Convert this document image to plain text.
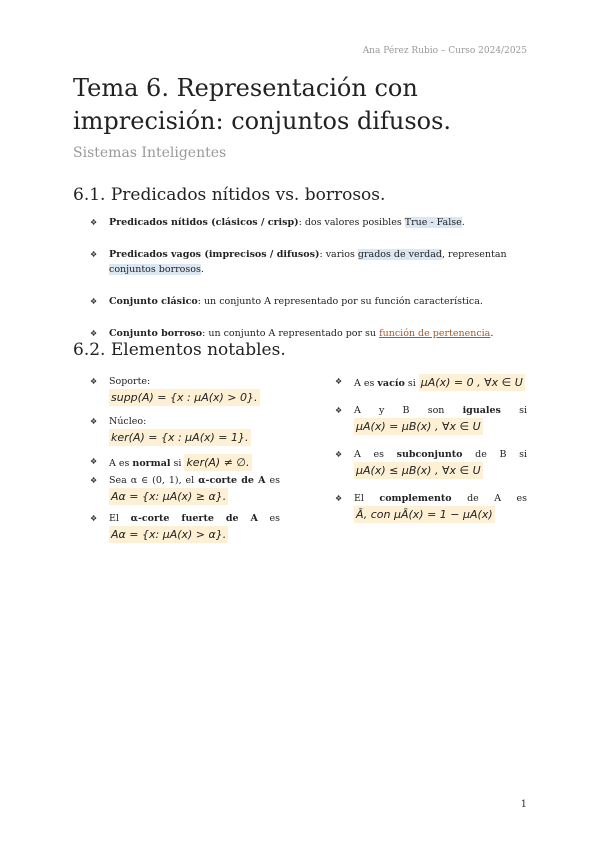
Ana Pérez Rubio – Curso 2024/2025
Tema 6. Representación con imprecisión: conjuntos difusos.
Sistemas Inteligentes
6.1. Predicados nítidos vs. borrosos.
❖ Predicados nítidos (clásicos / crisp): dos valores posibles True - False.
❖ Predicados vagos (imprecisos / difusos): varios grados de verdad, representan conjuntos borrosos.
❖ Conjunto clásico: un conjunto A representado por su función característica.
❖ Conjunto borroso: un conjunto A representado por su función de pertenencia.
6.2. Elementos notables.
❖ Soporte:
supp(A) = {x : μA(x) > 0}.
❖ Núcleo:
ker(A) = {x : μA(x) = 1}.
❖ A es normal si ker(A) ≠ ∅.
❖ Sea α ∈ (0, 1), el α-corte de A es
Aα = {x: μA(x) ≥ α}.
❖ El α-corte fuerte de A es
Aα = {x: μA(x) > α}.
❖ A es vacío si μA(x) = 0 , ∀x ∈ U
❖ A y B son iguales si
μA(x) = μB(x) , ∀x ∈ U
❖ A es subconjunto de B si
μA(x) ≤ μB(x) , ∀x ∈ U
❖ El complemento de A es
Ā, con μĀ(x) = 1 − μA(x)
1
